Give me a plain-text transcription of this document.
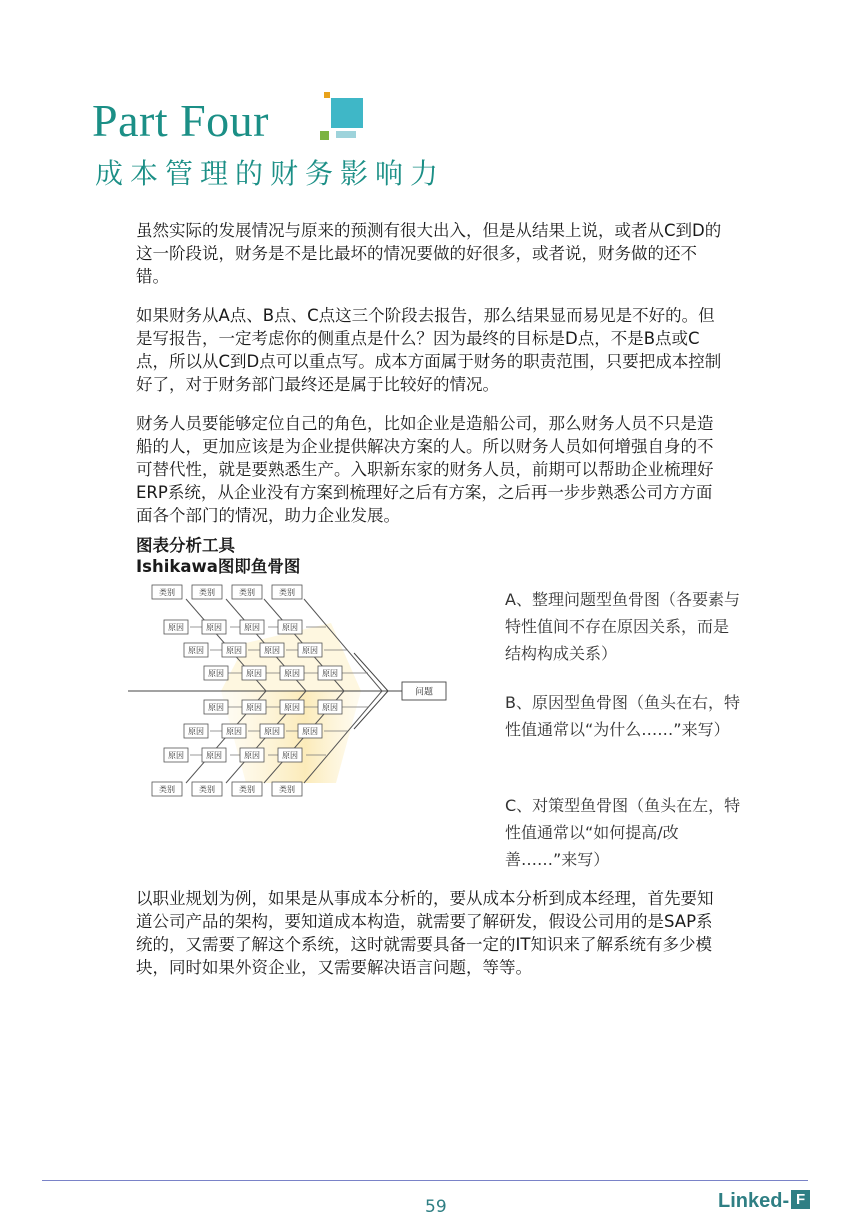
Part Four
成本管理的财务影响力
虽然实际的发展情况与原来的预测有很大出入，但是从结果上说，或者从C到D的这一阶段说，财务是不是比最坏的情况要做的好很多，或者说，财务做的还不错。
如果财务从A点、B点、C点这三个阶段去报告，那么结果显而易见是不好的。但是写报告，一定考虑你的侧重点是什么？因为最终的目标是D点，不是B点或C点，所以从C到D点可以重点写。成本方面属于财务的职责范围，只要把成本控制好了，对于财务部门最终还是属于比较好的情况。
财务人员要能够定位自己的角色，比如企业是造船公司，那么财务人员不只是造船的人，更加应该是为企业提供解决方案的人。所以财务人员如何增强自身的不可替代性，就是要熟悉生产。入职新东家的财务人员，前期可以帮助企业梳理好ERP系统，从企业没有方案到梳理好之后有方案，之后再一步步熟悉公司方方面面各个部门的情况，助力企业发展。
图表分析工具
Ishikawa图即鱼骨图
类别	类别	类别	类别
类别	类别	类别	类别
原因	原因	原因	原因
原因	原因	原因	原因
原因	原因	原因	原因
原因	原因	原因	原因
原因	原因	原因	原因
原因	原因	原因	原因
问题
A、整理问题型鱼骨图（各要素与特性值间不存在原因关系，而是结构构成关系）
B、原因型鱼骨图（鱼头在右，特性值通常以“为什么……”来写）
C、对策型鱼骨图（鱼头在左，特性值通常以“如何提高/改善……”来写）
以职业规划为例，如果是从事成本分析的，要从成本分析到成本经理，首先要知道公司产品的架构，要知道成本构造，就需要了解研发，假设公司用的是SAP系统的，又需要了解这个系统，这时就需要具备一定的IT知识来了解系统有多少模块，同时如果外资企业，又需要解决语言问题，等等。
59	Linked- F
